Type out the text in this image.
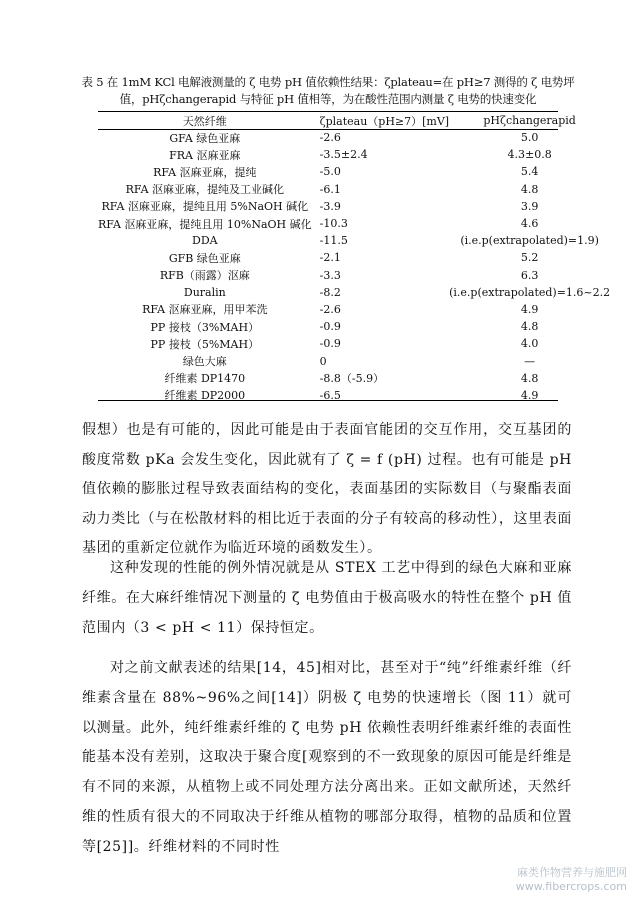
表 5 在 1mM KCl 电解液测量的 ζ 电势 pH 值依赖性结果：ζplateau=在 pH≥7 测得的 ζ 电势坪
值，pHζchangerapid 与特征 pH 值相等，为在酸性范围内测量 ζ 电势的快速变化
天然纤维	ζplateau（pH≥7）[mV]	pHζchangerapid
GFA 绿色亚麻	-2.6	5.0
FRA 沤麻亚麻	-3.5±2.4	4.3±0.8
RFA 沤麻亚麻，提纯	-5.0	5.4
RFA 沤麻亚麻，提纯及工业碱化	-6.1	4.8
RFA 沤麻亚麻，提纯且用 5%NaOH 碱化	-3.9	3.9
RFA 沤麻亚麻，提纯且用 10%NaOH 碱化	-10.3	4.6
DDA	-11.5	(i.e.p(extrapolated)=1.9)
GFB 绿色亚麻	-2.1	5.2
RFB（雨露）沤麻	-3.3	6.3
Duralin	-8.2	(i.e.p(extrapolated)=1.6~2.2
RFA 沤麻亚麻，用甲苯洗	-2.6	4.9
PP 接枝（3%MAH）	-0.9	4.8
PP 接枝（5%MAH）	-0.9	4.0
绿色大麻	0	—
纤维素 DP1470	-8.8（-5.9）	4.8
纤维素 DP2000	-6.5	4.9
假想）也是有可能的，因此可能是由于表面官能团的交互作用，交互基团的酸度常数 pKa 会发生变化，因此就有了 ζ = f (pH) 过程。也有可能是 pH 值依赖的膨胀过程导致表面结构的变化，表面基团的实际数目（与聚酯表面动力类比（与在松散材料的相比近于表面的分子有较高的移动性），这里表面基团的重新定位就作为临近环境的函数发生）。
这种发现的性能的例外情况就是从 STEX 工艺中得到的绿色大麻和亚麻纤维。在大麻纤维情况下测量的 ζ 电势值由于极高吸水的特性在整个 pH 值范围内（3 < pH < 11）保持恒定。
对之前文献表述的结果[14，45]相对比，甚至对于“纯”纤维素纤维（纤维素含量在 88%~96%之间[14]）阴极 ζ 电势的快速增长（图 11）就可以测量。此外，纯纤维素纤维的 ζ 电势 pH 依赖性表明纤维素纤维的表面性能基本没有差别，这取决于聚合度[观察到的不一致现象的原因可能是纤维是有不同的来源，从植物上或不同处理方法分离出来。正如文献所述，天然纤维的性质有很大的不同取决于纤维从植物的哪部分取得，植物的品质和位置等[25]]。纤维材料的不同时性
麻类作物营养与施肥网
www.fibercrops.com
